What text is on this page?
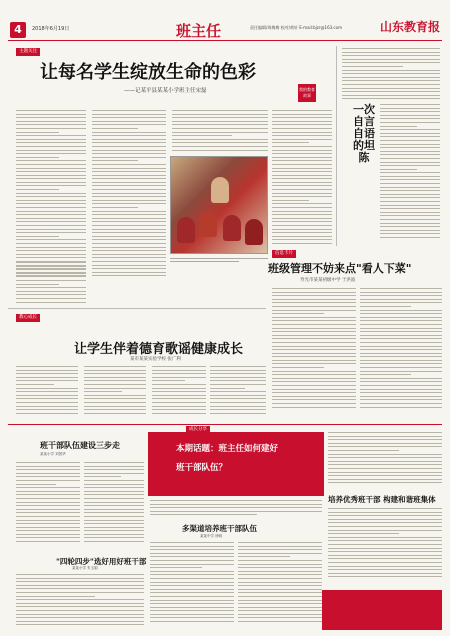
4	2018年6月19日	班主任	责任编辑/周梅梅 校对/黄轩 E-mail:bjzr@163.com	山东教育报
主题关注
让每名学生绽放生命的色彩
——记某平县某某小学班主任宋磊	我的教育故事
一次自言自语的坦陈
信息卡片
班级管理不妨来点"看人下菜"
寿光市某某初级中学 于洪波
教心成长
让学生伴着德育歌谣健康成长
某市某某实验学校 张广利
成长分享
班干部队伍建设三步走
某某小学 刘国华	本期话题：班主任如何建好
班干部队伍？
多渠道培养班干部队伍
某某中学 徐明
"四轮四步"选好用好班干部
某某小学 朱玉娟
培养优秀班干部 构建和谐班集体
